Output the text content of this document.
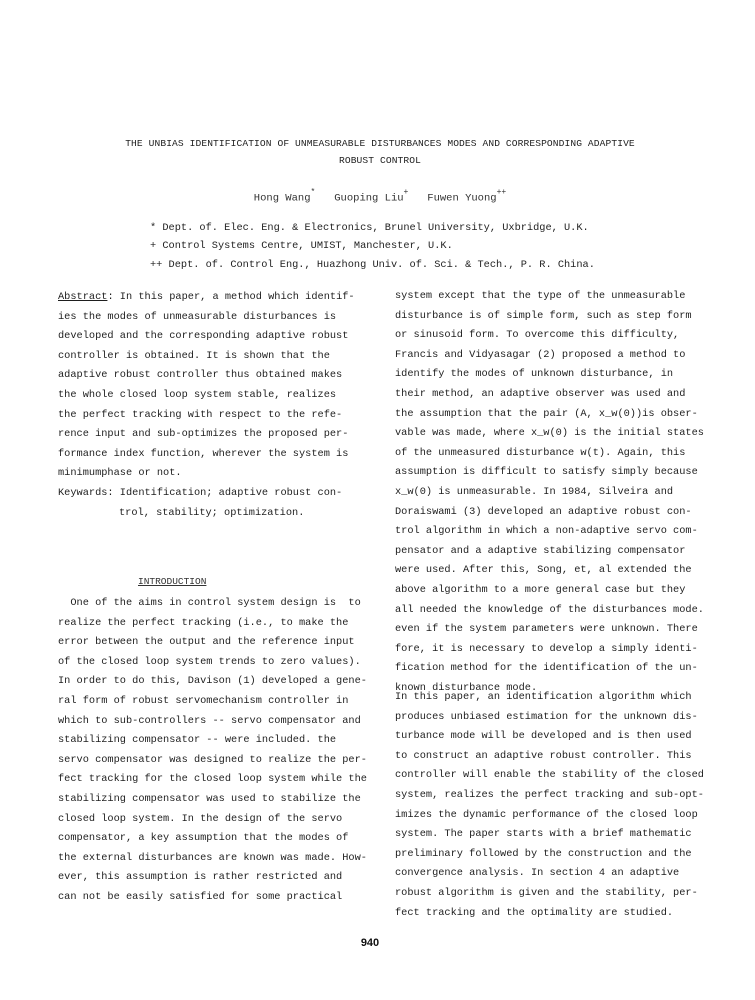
THE UNBIAS IDENTIFICATION OF UNMEASURABLE DISTURBANCES MODES AND CORRESPONDING ADAPTIVE
ROBUST CONTROL
Hong Wang* Guoping Liu+ Fuwen Yuong++
* Dept. of. Elec. Eng. & Electronics, Brunel University, Uxbridge, U.K.
+ Control Systems Centre, UMIST, Manchester, U.K.
++ Dept. of. Control Eng., Huazhong Univ. of. Sci. & Tech., P. R. China.
Abstract: In this paper, a method which identif-
ies the modes of unmeasurable disturbances is
developed and the corresponding adaptive robust
controller is obtained. It is shown that the
adaptive robust controller thus obtained makes
the whole closed loop system stable, realizes
the perfect tracking with respect to the refe-
rence input and sub-optimizes the proposed per-
formance index function, wherever the system is
minimumphase or not.
Keywards: Identification; adaptive robust con-
trol, stability; optimization.
INTRODUCTION
One of the aims in control system design is  to
realize the perfect tracking (i.e., to make the
error between the output and the reference input
of the closed loop system trends to zero values).
In order to do this, Davison (1) developed a gene-
ral form of robust servomechanism controller in
which to sub-controllers -- servo compensator and
stabilizing compensator -- were included. the
servo compensator was designed to realize the per-
fect tracking for the closed loop system while the
stabilizing compensator was used to stabilize the
closed loop system. In the design of the servo
compensator, a key assumption that the modes of
the external disturbances are known was made. How-
ever, this assumption is rather restricted and
can not be easily satisfied for some practical
system except that the type of the unmeasurable
disturbance is of simple form, such as step form
or sinusoid form. To overcome this difficulty,
Francis and Vidyasagar (2) proposed a method to
identify the modes of unknown disturbance, in
their method, an adaptive observer was used and
the assumption that the pair (A, x_w(0))is obser-
vable was made, where x_w(0) is the initial states
of the unmeasured disturbance w(t). Again, this
assumption is difficult to satisfy simply because
x_w(0) is unmeasurable. In 1984, Silveira and
Doraiswami (3) developed an adaptive robust con-
trol algorithm in which a non-adaptive servo com-
pensator and a adaptive stabilizing compensator
were used. After this, Song, et, al extended the
above algorithm to a more general case but they
all needed the knowledge of the disturbances mode.
even if the system parameters were unknown. There
fore, it is necessary to develop a simply identi-
fication method for the identification of the un-
known disturbance mode.
In this paper, an identification algorithm which
produces unbiased estimation for the unknown dis-
turbance mode will be developed and is then used
to construct an adaptive robust controller. This
controller will enable the stability of the closed
system, realizes the perfect tracking and sub-opt-
imizes the dynamic performance of the closed loop
system. The paper starts with a brief mathematic
preliminary followed by the construction and the
convergence analysis. In section 4 an adaptive
robust algorithm is given and the stability, per-
fect tracking and the optimality are studied.
940
